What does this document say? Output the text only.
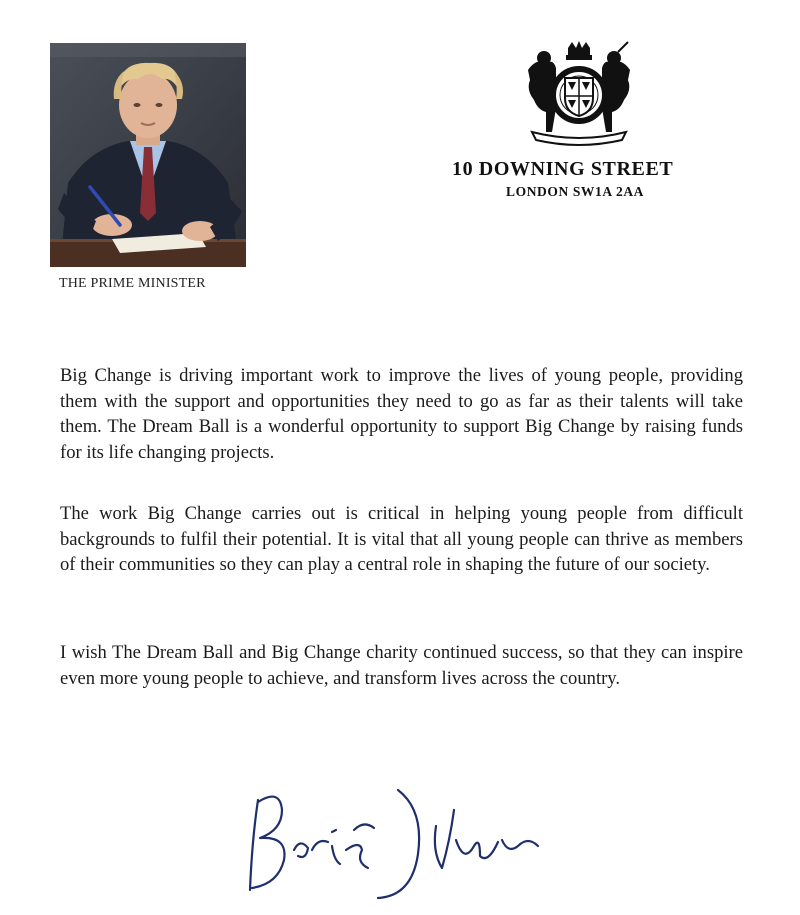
THE PRIME MINISTER
10 DOWNING STREET
LONDON SW1A 2AA

Big Change is driving important work to improve the lives of young people, providing them with the support and opportunities they need to go as far as their talents will take them. The Dream Ball is a wonderful opportunity to support Big Change by raising funds for its life changing projects.

The work Big Change carries out is critical in helping young people from difficult backgrounds to fulfil their potential. It is vital that all young people can thrive as members of their communities so they can play a central role in shaping the future of our society.

I wish The Dream Ball and Big Change charity continued success, so that they can inspire even more young people to achieve, and transform lives across the country.
